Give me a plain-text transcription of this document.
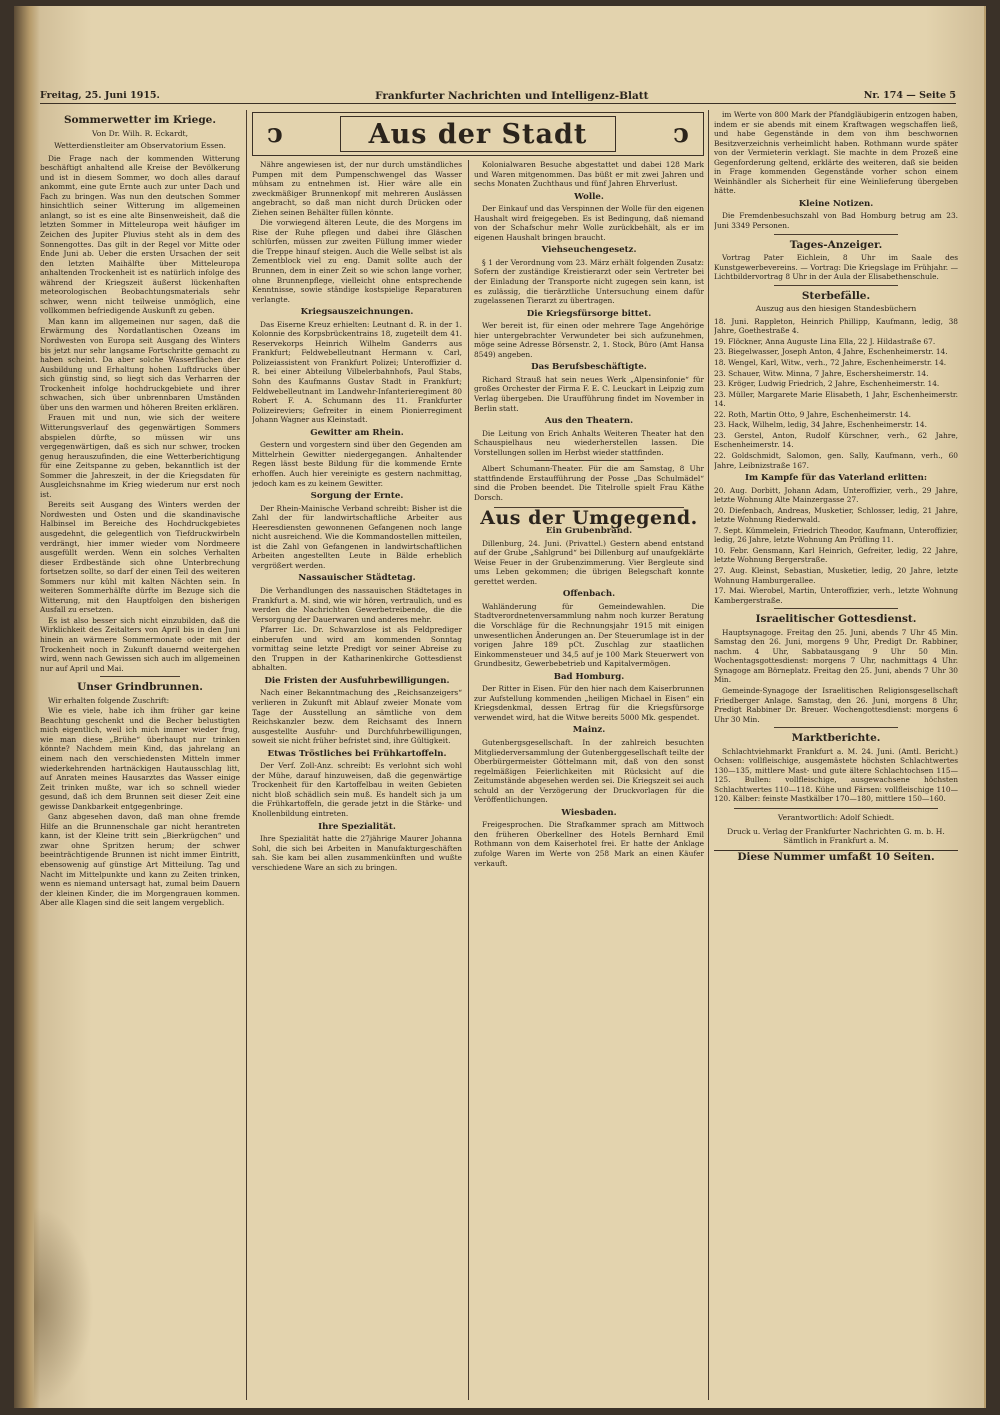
Freitag, 25. Juni 1915.	Frankfurter Nachrichten und Intelligenz-Blatt	Nr. 174 — Seite 5
ↄ	Aus der Stadt	ↄ
Sommerwetter im Kriege.
Von Dr. Wilh. R. Eckardt,
Wetterdienstleiter am Observatorium Essen.

Die Frage nach der kommenden Witterung beschäftigt anhaltend alle Kreise der Bevölkerung und ist in diesem Sommer, wo doch alles darauf ankommt, eine gute Ernte auch zur unter Dach und Fach zu bringen. Was nun den deutschen Sommer hinsichtlich seiner Witterung im allgemeinen anlangt, so ist es eine alte Binsenweisheit, daß die letzten Sommer in Mitteleuropa weit häufiger im Zeichen des Jupiter Pluvius steht als in dem des Sonnengottes. Das gilt in der Regel vor Mitte oder Ende Juni ab. Ueber die ersten Ursachen der seit den letzten Maihälfte über Mitteleuropa anhaltenden Trockenheit ist es natürlich infolge des während der Kriegszeit äußerst lückenhaften meteorologischen Beobachtungsmaterials sehr schwer, wenn nicht teilweise unmöglich, eine vollkommen befriedigende Auskunft zu geben.

Man kann im allgemeinen nur sagen, daß die Erwärmung des Nordatlantischen Ozeans im Nordwesten von Europa seit Ausgang des Winters bis jetzt nur sehr langsame Fortschritte gemacht zu haben scheint. Da aber solche Wasserflächen der Ausbildung und Erhaltung hohen Luftdrucks über sich günstig sind, so liegt sich das Verharren der Trockenheit infolge hochdruckgebiete und ihrer schwachen, sich über unbrennbaren Umständen über uns den warmen und höheren Breiten erklären.

Frauen mit und nun, wie sich der weitere Witterungsverlauf des gegenwärtigen Sommers abspielen dürfte, so müssen wir uns vergegenwärtigen, daß es sich nur schwer, trocken genug herauszufinden, die eine Wetterberichtigung für eine Zeitspanne zu geben, bekanntlich ist der Sommer die Jahreszeit, in der die Kriegsdaten für Ausgleichsnahme im Krieg wiederum nur erst noch ist.

Bereits seit Ausgang des Winters werden der Nordwesten und Osten und die skandinavische Halbinsel im Bereiche des Hochdruckgebietes ausgedehnt, die gelegentlich von Tiefdruckwirbeln verdrängt, hier immer wieder vom Nordmeere ausgefüllt werden. Wenn ein solches Verhalten dieser Erdbestände sich ohne Unterbrechung fortsetzen sollte, so darf der einen Teil des weiteren Sommers nur kühl mit kalten Nächten sein. In weiteren Sommerhälfte dürfte im Bezuge sich die Witterung, mit den Hauptfolgen den bisherigen Ausfall zu ersetzen.

Es ist also besser sich nicht einzubilden, daß die Wirklichkeit des Zeitalters von April bis in den Juni hinein an wärmere Sommermonate oder mit der Trockenheit noch in Zukunft dauernd weitergehen wird, wenn nach Gewissen sich auch im allgemeinen nur auf April und Mai.

Unser Grindbrunnen.

Wir erhalten folgende Zuschrift:

Wie es viele, habe ich ihm früher gar keine Beachtung geschenkt und die Becher belustigten mich eigentlich, weil ich mich immer wieder frug, wie man diese „Brühe“ überhaupt nur trinken könnte? Nachdem mein Kind, das jahrelang an einem nach den verschiedensten Mitteln immer wiederkehrenden hartnäckigen Hautausschlag litt, auf Anraten meines Hausarztes das Wasser einige Zeit trinken mußte, war ich so schnell wieder gesund, daß ich dem Brunnen seit dieser Zeit eine gewisse Dankbarkeit entgegenbringe.

Ganz abgesehen davon, daß man ohne fremde Hilfe an die Brunnenschale gar nicht herantreten kann, ist der Kleine tritt sein „Bierkrügchen“ und zwar ohne Spritzen herum; der schwer beeinträchtigende Brunnen ist nicht immer Eintritt, ebensowenig auf günstige Art Mitteilung. Tag und Nacht im Mittelpunkte und kann zu Zeiten trinken, wenn es niemand untersagt hat, zumal beim Dauern der kleinen Kinder, die im Morgengrauen kommen. Aber alle Klagen sind die seit langem vergeblich.

Nähre angewiesen ist, der nur durch umständliches Pumpen mit dem Pumpenschwengel das Wasser mühsam zu entnehmen ist. Hier wäre alle ein zweckmäßiger Brunnenkopf mit mehreren Auslässen angebracht, so daß man nicht durch Drücken oder Ziehen seinen Behälter füllen könnte.

Die vorwiegend älteren Leute, die des Morgens im Rise der Ruhe pflegen und dabei ihre Gläschen schlürfen, müssen zur zweiten Füllung immer wieder die Treppe hinauf steigen. Auch die Welle selbst ist als Zementblock viel zu eng. Damit sollte auch der Brunnen, dem in einer Zeit so wie schon lange vorher, ohne Brunnenpflege, vielleicht ohne entsprechende Kenntnisse, sowie ständige kostspielige Reparaturen verlangte.

Kriegsauszeichnungen.

Das Eiserne Kreuz erhielten: Leutnant d. R. in der 1. Kolonnie des Korpsbrückentrains 18, zugeteilt dem 41. Reservekorps Heinrich Wilhelm Ganderrs aus Frankfurt; Feldwebelleutnant Hermann v. Carl, Polizeiassistent von Frankfurt Polizei; Unteroffizier d. R. bei einer Abteilung Vilbelerbahnhofs, Paul Stabs, Sohn des Kaufmanns Gustav Stadt in Frankfurt; Feldwebelleutnant im Landwehr-Infanterieregiment 80 Robert F. A. Schumann des 11. Frankfurter Polizeireviers; Gefreiter in einem Pionierregiment Johann Wagner aus Kleinstadt.

Gewitter am Rhein.

Gestern und vorgestern sind über den Gegenden am Mittelrhein Gewitter niedergegangen. Anhaltender Regen lässt beste Bildung für die kommende Ernte erhoffen. Auch hier vereinigte es gestern nachmittag, jedoch kam es zu keinem Gewitter.

Sorgung der Ernte.

Der Rhein-Mainische Verband schreibt: Bisher ist die Zahl der für landwirtschaftliche Arbeiter aus Heeresdiensten gewonnenen Gefangenen noch lange nicht ausreichend. Wie die Kommandostellen mitteilen, ist die Zahl von Gefangenen in landwirtschaftlichen Arbeiten angestellten Leute in Bälde erheblich vergrößert werden.

Nassauischer Städtetag.

Die Verhandlungen des nassauischen Städtetages in Frankfurt a. M. sind, wie wir hören, vertraulich, und es werden die Nachrichten Gewerbetreibende, die die Versorgung der Dauerwaren und anderes mehr.

Pfarrer Lic. Dr. Schwarzlose ist als Feldprediger einberufen und wird am kommenden Sonntag vormittag seine letzte Predigt vor seiner Abreise zu den Truppen in der Katharinenkirche Gottesdienst abhalten.

Die Fristen der Ausfuhrbewilligungen.

Nach einer Bekanntmachung des „Reichsanzeigers“ verlieren in Zukunft mit Ablauf zweier Monate vom Tage der Ausstellung an sämtliche von dem Reichskanzler bezw. dem Reichsamt des Innern ausgestellte Ausfuhr- und Durchfuhrbewilligungen, soweit sie nicht früher befristet sind, ihre Gültigkeit.

Etwas Tröstliches bei Frühkartoffeln.

Der Verf. Zoll-Anz. schreibt: Es verlohnt sich wohl der Mühe, darauf hinzuweisen, daß die gegenwärtige Trockenheit für den Kartoffelbau in weiten Gebieten nicht bloß schädlich sein muß. Es handelt sich ja um die Frühkartoffeln, die gerade jetzt in die Stärke- und Knollenbildung eintreten.

Ihre Spezialität.

Ihre Spezialität hatte die 27jährige Maurer Johanna Sohl, die sich bei Arbeiten in Manufakturgeschäften sah. Sie kam bei allen zusammenkünften und wußte verschiedene Ware an sich zu bringen.

Kolonialwaren Besuche abgestattet und dabei 128 Mark und Waren mitgenommen. Das büßt er mit zwei Jahren und sechs Monaten Zuchthaus und fünf Jahren Ehrverlust.

Wolle.

Der Einkauf und das Verspinnen der Wolle für den eigenen Haushalt wird freigegeben. Es ist Bedingung, daß niemand von der Schafschur mehr Wolle zurückbehält, als er im eigenen Haushalt bringen braucht.

Viehseuchengesetz.

§ 1 der Verordnung vom 23. März erhält folgenden Zusatz: Sofern der zuständige Kreistierarzt oder sein Vertreter bei der Einladung der Transporte nicht zugegen sein kann, ist es zulässig, die tierärztliche Untersuchung einem dafür zugelassenen Tierarzt zu übertragen.

Die Kriegsfürsorge bittet.

Wer bereit ist, für einen oder mehrere Tage Angehörige hier untergebrachter Verwundeter bei sich aufzunehmen, möge seine Adresse Börsenstr. 2, 1. Stock, Büro (Amt Hansa 8549) angeben.

Das Berufsbeschäftigte.

Richard Strauß hat sein neues Werk „Alpensinfonie“ für großes Orchester der Firma F. E. C. Leuckart in Leipzig zum Verlag übergeben. Die Uraufführung findet im November in Berlin statt.

Aus den Theatern.

Die Leitung von Erich Anhalts Weiteren Theater hat den Schauspielhaus neu wiederherstellen lassen. Die Vorstellungen sollen im Herbst wieder stattfinden.

Albert Schumann-Theater. Für die am Samstag, 8 Uhr stattfindende Erstaufführung der Posse „Das Schulmädel“ sind die Proben beendet. Die Titelrolle spielt Frau Käthe Dorsch.

Aus der Umgegend.
Ein Grubenbrand.

Dillenburg, 24. Juni. (Privattel.) Gestern abend entstand auf der Grube „Sahlgrund“ bei Dillenburg auf unaufgeklärte Weise Feuer in der Grubenzimmerung. Vier Bergleute sind ums Leben gekommen; die übrigen Belegschaft konnte gerettet werden.

Offenbach.

Wahländerung für Gemeindewahlen. Die Stadtverordnetenversammlung nahm noch kurzer Beratung die Vorschläge für die Rechnungsjahr 1915 mit einigen unwesentlichen Änderungen an. Der Steuerumlage ist in der vorigen Jahre 189 pCt. Zuschlag zur staatlichen Einkommensteuer und 34,5 auf je 100 Mark Steuerwert von Grundbesitz, Gewerbebetrieb und Kapitalvermögen.

Bad Homburg.

Der Ritter in Eisen. Für den hier nach dem Kaiserbrunnen zur Aufstellung kommenden „heiligen Michael in Eisen“ ein Kriegsdenkmal, dessen Ertrag für die Kriegsfürsorge verwendet wird, hat die Witwe bereits 5000 Mk. gespendet.

Mainz.

Gutenbergsgesellschaft. In der zahlreich besuchten Mitgliederversammlung der Gutenberggesellschaft teilte der Oberbürgermeister Göttelmann mit, daß von den sonst regelmäßigen Feierlichkeiten mit Rücksicht auf die Zeitumstände abgesehen werden sei. Die Kriegszeit sei auch schuld an der Verzögerung der Druckvorlagen für die Veröffentlichungen.

Wiesbaden.

Freigesprochen. Die Strafkammer sprach am Mittwoch den früheren Oberkellner des Hotels Bernhard Emil Rothmann von dem Kaiserhotel frei. Er hatte der Anklage zufolge Waren im Werte von 258 Mark an einen Käufer verkauft.

im Werte von 800 Mark der Pfandgläubigerin entzogen haben, indem er sie abends mit einem Kraftwagen wegschaffen ließ, und habe Gegenstände in dem von ihm beschwornen Besitzverzeichnis verheimlicht haben. Rothmann wurde später von der Vermieterin verklagt. Sie machte in dem Prozeß eine Gegenforderung geltend, erklärte des weiteren, daß sie beiden in Frage kommenden Gegenstände vorher schon einem Weinhändler als Sicherheit für eine Weinlieferung übergeben hätte.

Kleine Notizen.

Die Fremdenbesuchszahl von Bad Homburg betrug am 23. Juni 3349 Personen.

Tages-Anzeiger.

Vortrag Pater Eichlein, 8 Uhr im Saale des Kunstgewerbevereins. — Vortrag: Die Kriegslage im Frühjahr. — Lichtbildervortrag 8 Uhr in der Aula der Elisabethenschule.

Sterbefälle.
Auszug aus den hiesigen Standesbüchern
18. Juni. Rappleton, Heinrich Phillipp, Kaufmann, ledig, 38 Jahre, Goethestraße 4.
19. Flöckner, Anna Auguste Lina Ella, 22 J. Hildastraße 67.
23. Biegelwasser, Joseph Anton, 4 Jahre, Eschenheimerstr. 14.
18. Wengel, Karl, Witw., verh., 72 Jahre, Eschenheimerstr. 14.
23. Schauer, Witw. Minna, 7 Jahre, Eschersheimerstr. 14.
23. Kröger, Ludwig Friedrich, 2 Jahre, Eschenheimerstr. 14.
23. Müller, Margarete Marie Elisabeth, 1 Jahr, Eschenheimerstr. 14.
22. Roth, Martin Otto, 9 Jahre, Eschenheimerstr. 14.
23. Hack, Wilhelm, ledig, 34 Jahre, Eschenheimerstr. 14.
23. Gerstel, Anton, Rudolf Kürschner, verh., 62 Jahre, Eschenheimerstr. 14.
22. Goldschmidt, Salomon, gen. Sally, Kaufmann, verh., 60 Jahre, Leibnizstraße 167.
Im Kampfe für das Vaterland erlitten:
20. Aug. Dorbitt, Johann Adam, Unteroffizier, verh., 29 Jahre, letzte Wohnung Alte Mainzergasse 27.
20. Diefenbach, Andreas, Musketier, Schlosser, ledig, 21 Jahre, letzte Wohnung Riederwald.
7. Sept. Kümmelein, Friedrich Theodor, Kaufmann, Unteroffizier, ledig, 26 Jahre, letzte Wohnung Am Prüfling 11.
10. Febr. Gensmann, Karl Heinrich, Gefreiter, ledig, 22 Jahre, letzte Wohnung Bergerstraße.
27. Aug. Kleinst, Sebastian, Musketier, ledig, 20 Jahre, letzte Wohnung Hamburgerallee.
17. Mai. Wierobel, Martin, Unteroffizier, verh., letzte Wohnung Kambergerstraße.
Israelitischer Gottesdienst.

Hauptsynagoge. Freitag den 25. Juni, abends 7 Uhr 45 Min. Samstag den 26. Juni, morgens 9 Uhr, Predigt Dr. Rabbiner, nachm. 4 Uhr, Sabbatausgang 9 Uhr 50 Min. Wochentagsgottesdienst: morgens 7 Uhr, nachmittags 4 Uhr. Synagoge am Börneplatz. Freitag den 25. Juni, abends 7 Uhr 30 Min.

Gemeinde-Synagoge der Israelitischen Religionsgesellschaft Friedberger Anlage. Samstag, den 26. Juni, morgens 8 Uhr, Predigt Rabbiner Dr. Breuer. Wochengottesdienst: morgens 6 Uhr 30 Min.

Marktberichte.

Schlachtviehmarkt Frankfurt a. M. 24. Juni. (Amtl. Bericht.) Ochsen: vollfleischige, ausgemästete höchsten Schlachtwertes 130—135, mittlere Mast- und gute ältere Schlachtochsen 115—125. Bullen: vollfleischige, ausgewachsene höchsten Schlachtwertes 110—118. Kühe und Färsen: vollfleischige 110—120. Kälber: feinste Mastkälber 170—180, mittlere 150—160.

Verantwortlich: Adolf Schiedt.
Druck u. Verlag der Frankfurter Nachrichten G. m. b. H. Sämtlich in Frankfurt a. M.
Diese Nummer umfaßt 10 Seiten.
